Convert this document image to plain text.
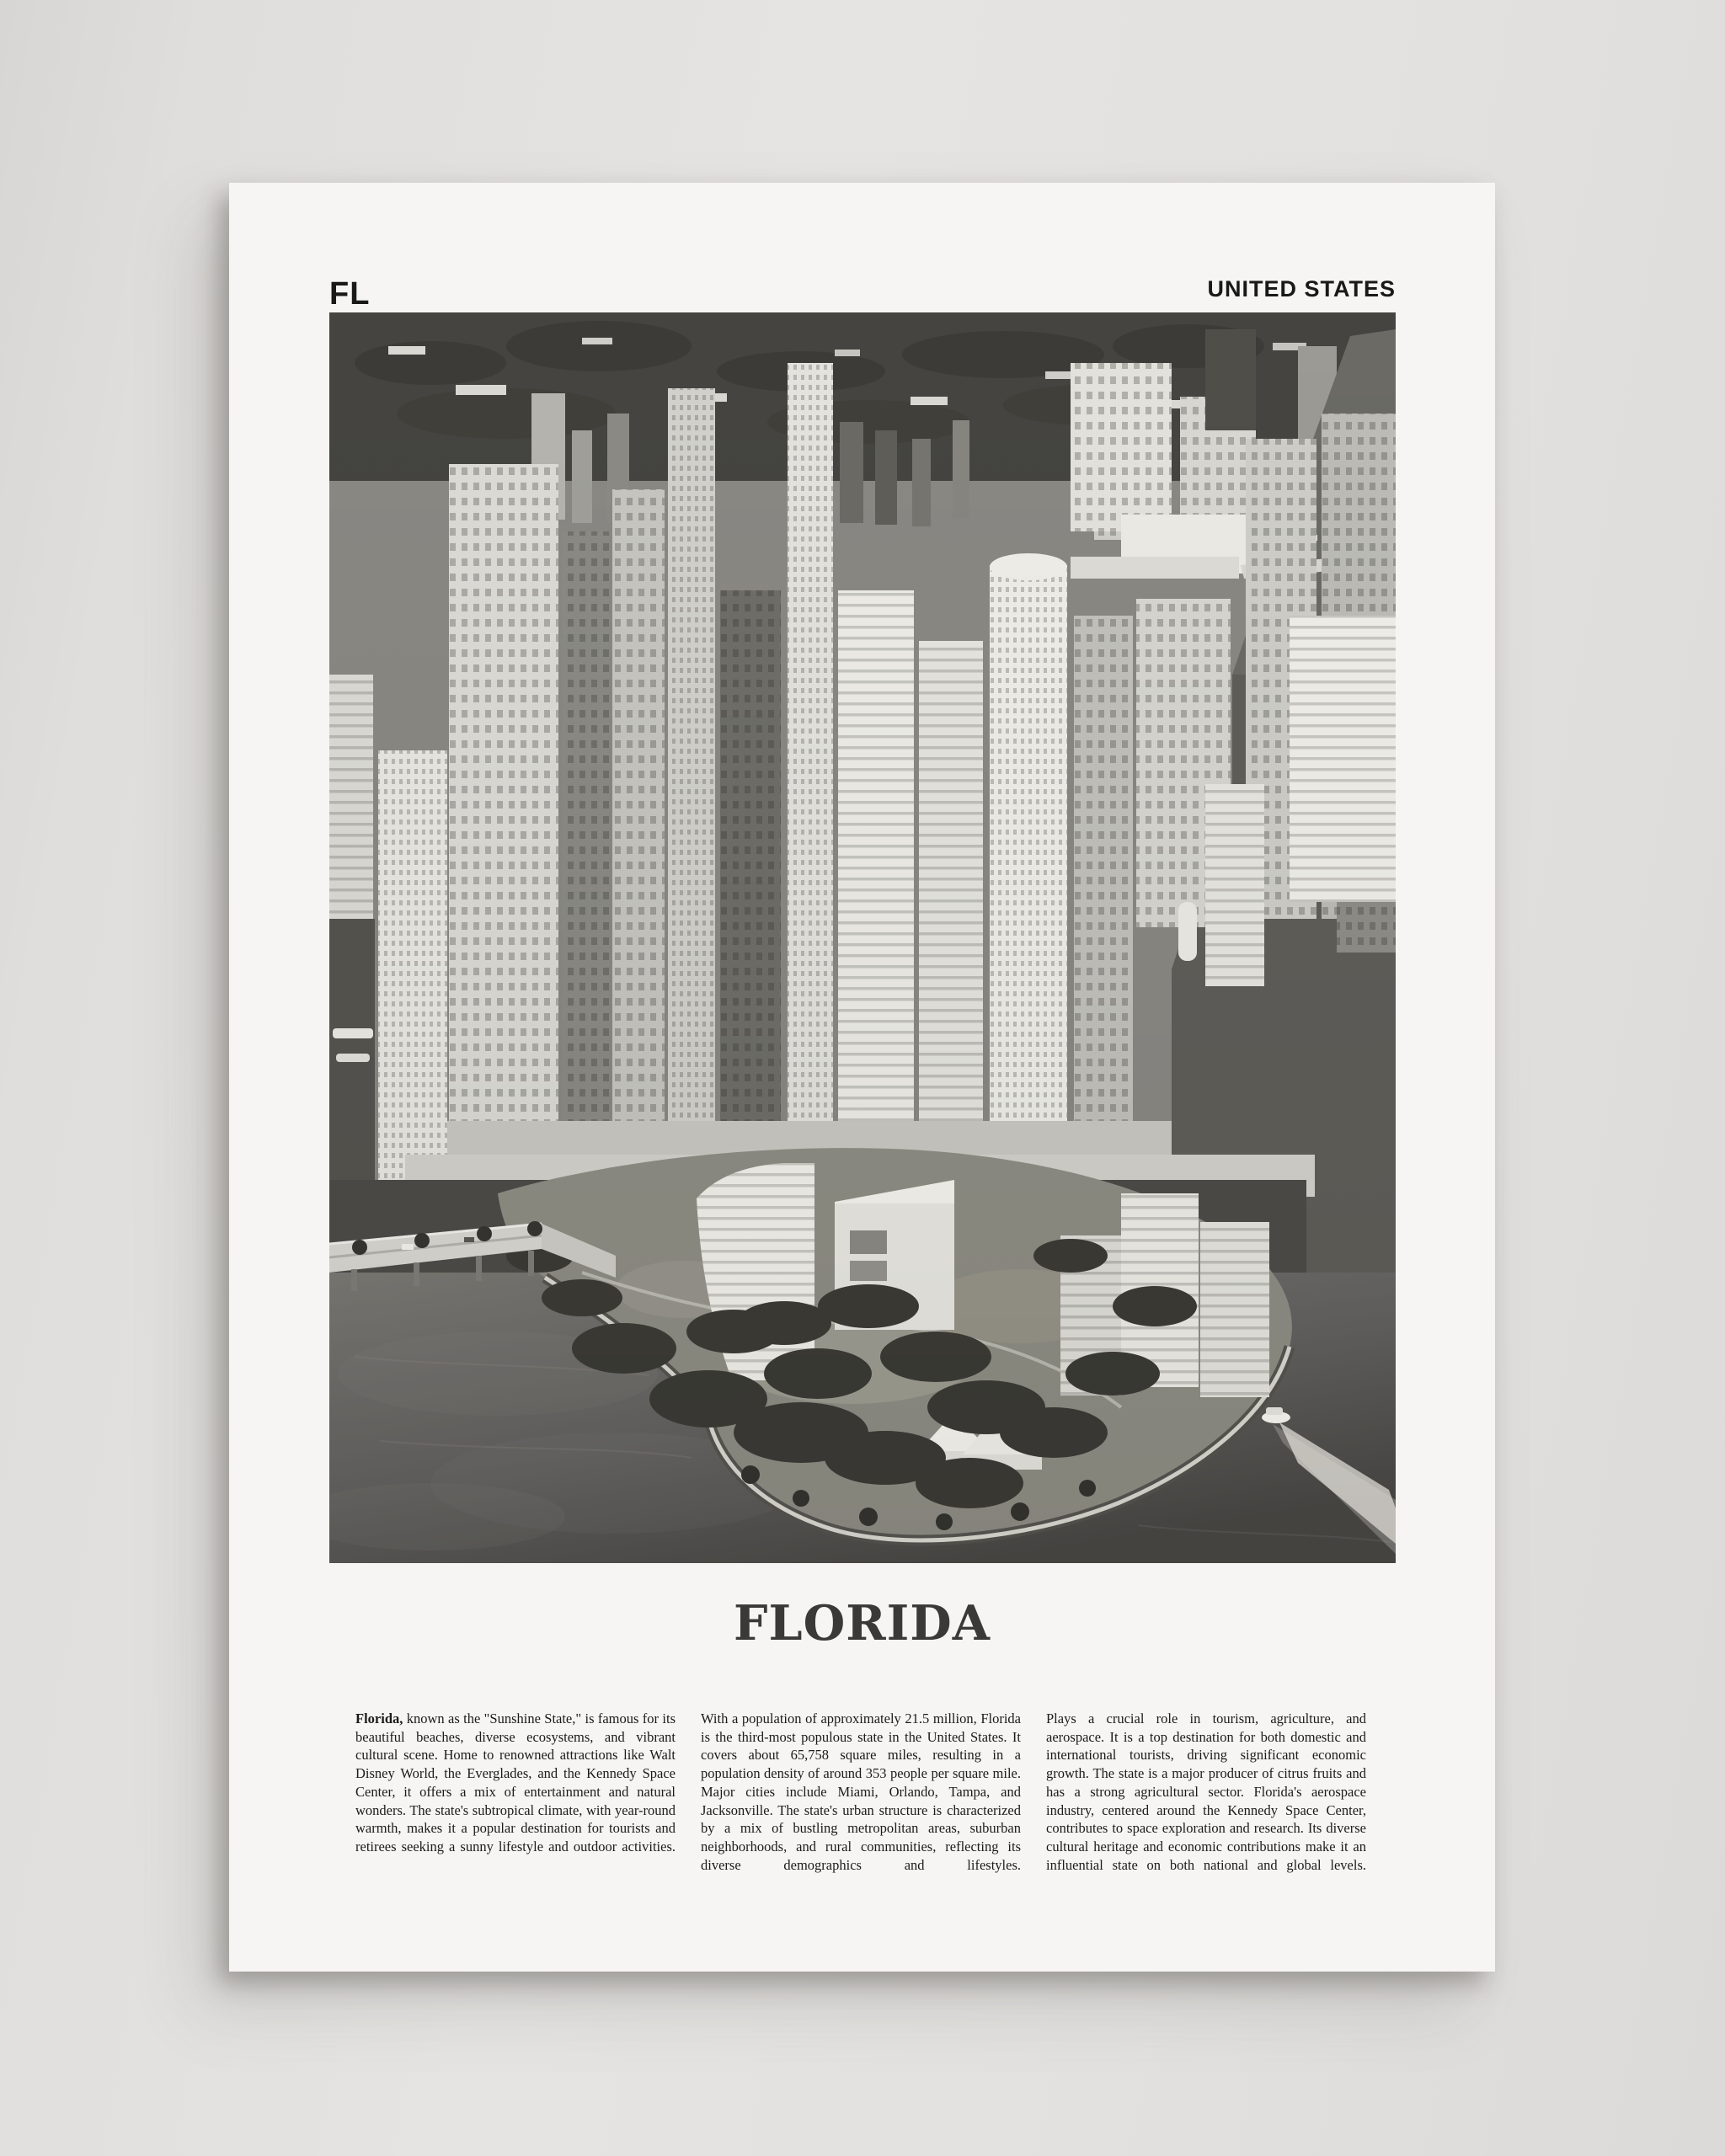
FL	UNITED STATES
FLORIDA

Florida, known as the "Sunshine State," is famous for its beautiful beaches, diverse ecosystems, and vibrant cultural scene. Home to renowned attractions like Walt Disney World, the Everglades, and the Kennedy Space Center, it offers a mix of entertainment and natural wonders. The state's subtropical climate, with year-round warmth, makes it a popular destination for tourists and retirees seeking a sunny lifestyle and outdoor activities.

With a population of approximately 21.5 million, Florida is the third-most populous state in the United States. It covers about 65,758 square miles, resulting in a population density of around 353 people per square mile. Major cities include Miami, Orlando, Tampa, and Jacksonville. The state's urban structure is characterized by a mix of bustling metropolitan areas, suburban neighborhoods, and rural communities, reflecting its diverse demographics and lifestyles.

Plays a crucial role in tourism, agriculture, and aerospace. It is a top destination for both domestic and international tourists, driving significant economic growth. The state is a major producer of citrus fruits and has a strong agricultural sector. Florida's aerospace industry, centered around the Kennedy Space Center, contributes to space exploration and research. Its diverse cultural heritage and economic contributions make it an influential state on both national and global levels.
